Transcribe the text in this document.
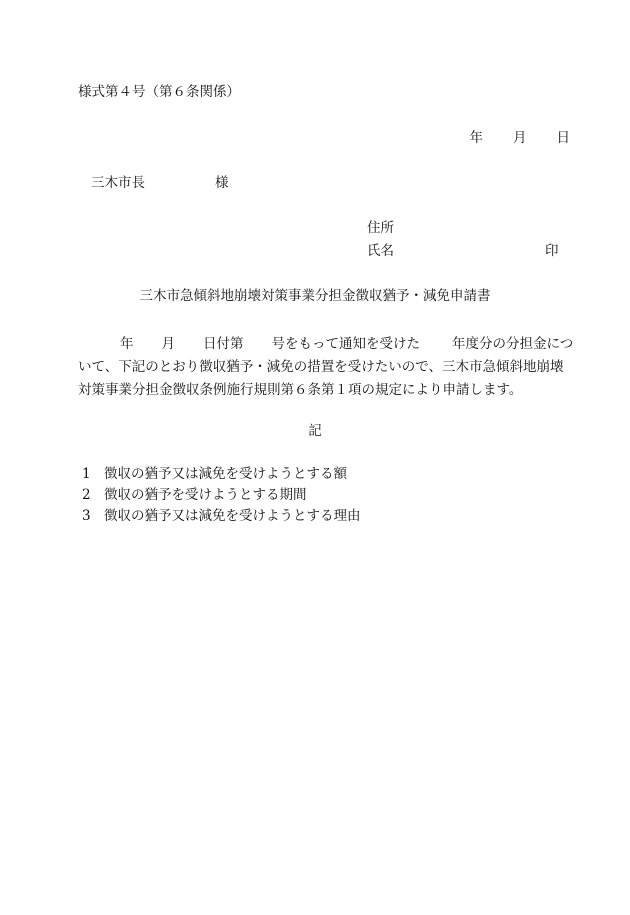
様式第４号（第６条関係）
年 月 日
三木市長	様
住所
氏名	印
三木市急傾斜地崩壊対策事業分担金徴収猶予・減免申請書

年 月 日付第 号をもって通知を受けた 年度分の分担金について、下記のとおり徴収猶予・減免の措置を受けたいので、三木市急傾斜地崩壊対策事業分担金徴収条例施行規則第６条第１項の規定により申請します。

記
1 徴収の猶予又は減免を受けようとする額
2 徴収の猶予を受けようとする期間
3 徴収の猶予又は減免を受けようとする理由
